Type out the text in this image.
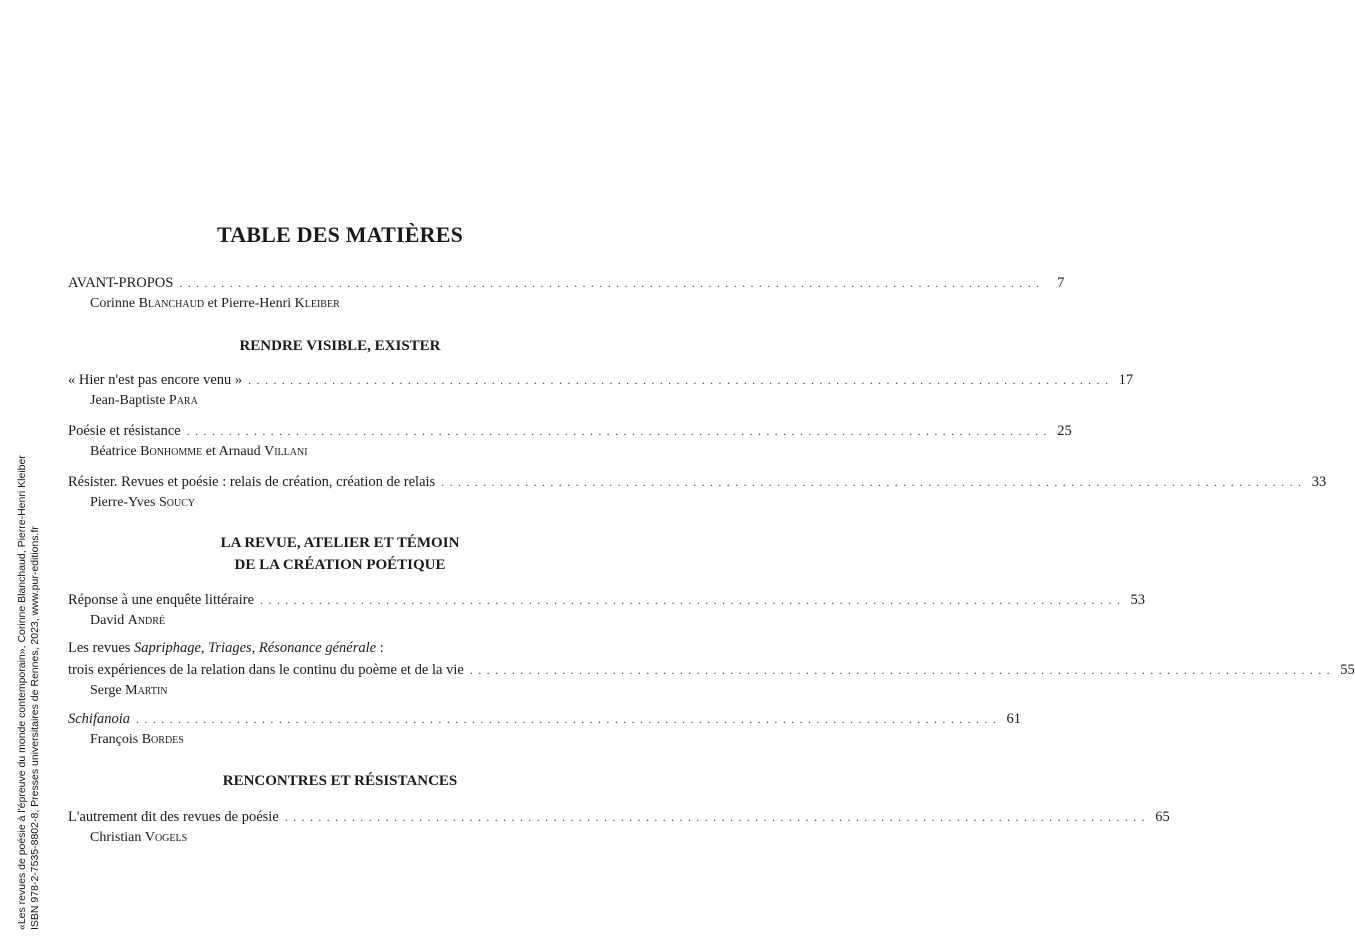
TABLE DES MATIÈRES
AVANT-PROPOS . . . . . . . . . . . . . . . . . . . . . . . . . . . . . . . . . . . . . . . . . . . . . . . . . . . . . . . . . . . . . . . . . . . . . . . . . . . . . . . . . . . . . . . . . . . . . . . . . . . . . . .	7
Corinne Blanchaud et Pierre-Henri Kleiber
RENDRE VISIBLE, EXISTER
« Hier n'est pas encore venu » . . . . . . . . . . . . . . . . . . . . . . . . . . . . . . . . . . . . . . . . . . . . . . . . . . . . . . . . . . . . . . . . . . . . . . . . . . . . . . . . . . . . . . . . . . . . . . . . . . . . . . . 17
Jean-Baptiste Para
Poésie et résistance . . . . . . . . . . . . . . . . . . . . . . . . . . . . . . . . . . . . . . . . . . . . . . . . . . . . . . . . . . . . . . . . . . . . . . . . . . . . . . . . . . . . . . . . . . . . . . . . . . . . . . . 25
Béatrice Bonhomme et Arnaud Villani
Résister. Revues et poésie : relais de création, création de relais . . . . . . . . . . . . . . . . . . . . . . . . . . . . . . . . . . . . . . . . . . . . . . . . . . . . . . . . . . . . . . . . . . . . . . . . . . . . . . . . . . . . . . . . . . . . . . . . . . . . . . . 33
Pierre-Yves Soucy
LA REVUE, ATELIER ET TÉMOIN
DE LA CRÉATION POÉTIQUE
Réponse à une enquête littéraire . . . . . . . . . . . . . . . . . . . . . . . . . . . . . . . . . . . . . . . . . . . . . . . . . . . . . . . . . . . . . . . . . . . . . . . . . . . . . . . . . . . . . . . . . . . . . . . . . . . . . . . 53
David André
Les revues Sapriphage, Triages, Résonance générale :
trois expériences de la relation dans le continu du poème et de la vie . . . . . . . . . . . . . . . . . . . . . . . . . . . . . . . . . . . . . . . . . . . . . . . . . . . . . . . . . . . . . . . . . . . . . . . . . . . . . . . . . . . . . . . . . . . . . . . . . . . . . . . 55
Serge Martin
Schifanoia . . . . . . . . . . . . . . . . . . . . . . . . . . . . . . . . . . . . . . . . . . . . . . . . . . . . . . . . . . . . . . . . . . . . . . . . . . . . . . . . . . . . . . . . . . . . . . . . . . . . . . . 61
François Bordes
RENCONTRES ET RÉSISTANCES
L'autrement dit des revues de poésie . . . . . . . . . . . . . . . . . . . . . . . . . . . . . . . . . . . . . . . . . . . . . . . . . . . . . . . . . . . . . . . . . . . . . . . . . . . . . . . . . . . . . . . . . . . . . . . . . . . . . . . 65
Christian Vogels
«Les revues de poésie à l'épreuve du monde contemporain», Corinne Blanchaud, Pierre-Henri Kleiber ISBN 978-2-7535-8802-8, Presses universitaires de Rennes, 2023, www.pur-editions.fr
